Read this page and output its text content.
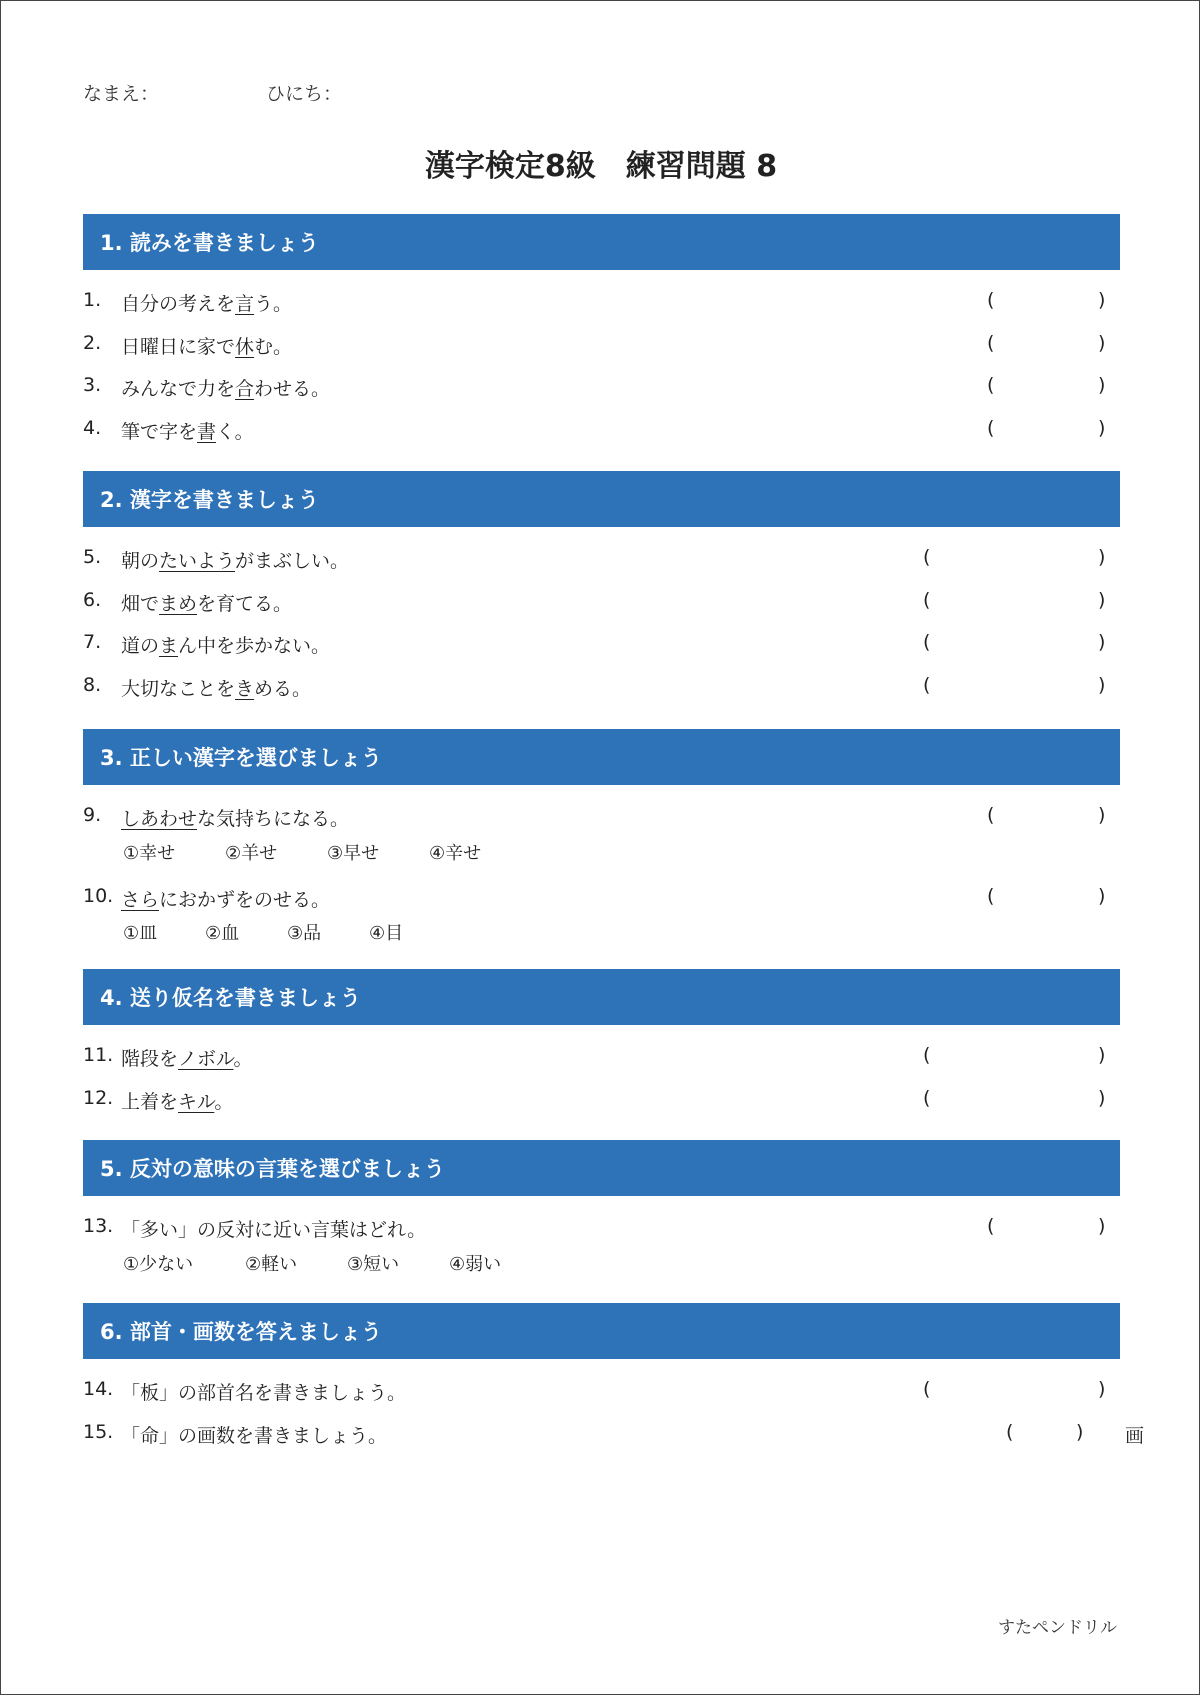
なまえ：	ひにち：
漢字検定8級　練習問題 8
1. 読みを書きましょう
1. 自分の考えを言う。	(	)
2. 日曜日に家で休む。	(	)
3. みんなで力を合わせる。	(	)
4. 筆で字を書く。	(	)
2. 漢字を書きましょう
5. 朝のたいようがまぶしい。	(	)
6. 畑でまめを育てる。	(	)
7. 道のまん中を歩かない。	(	)
8. 大切なことをきめる。	(	)
3. 正しい漢字を選びましょう
9. しあわせな気持ちになる。	(	)
①幸せ	②羊せ	③早せ	④辛せ
10. さらにおかずをのせる。	(	)
①皿	②血	③品	④目
4. 送り仮名を書きましょう
11. 階段をノボル。	(	)
12. 上着をキル。	(	)
5. 反対の意味の言葉を選びましょう
13. 「多い」の反対に近い言葉はどれ。	(	)
①少ない	②軽い	③短い	④弱い
6. 部首・画数を答えましょう
14. 「板」の部首名を書きましょう。	(	)
15. 「命」の画数を書きましょう。	(	) 画
すたペンドリル
